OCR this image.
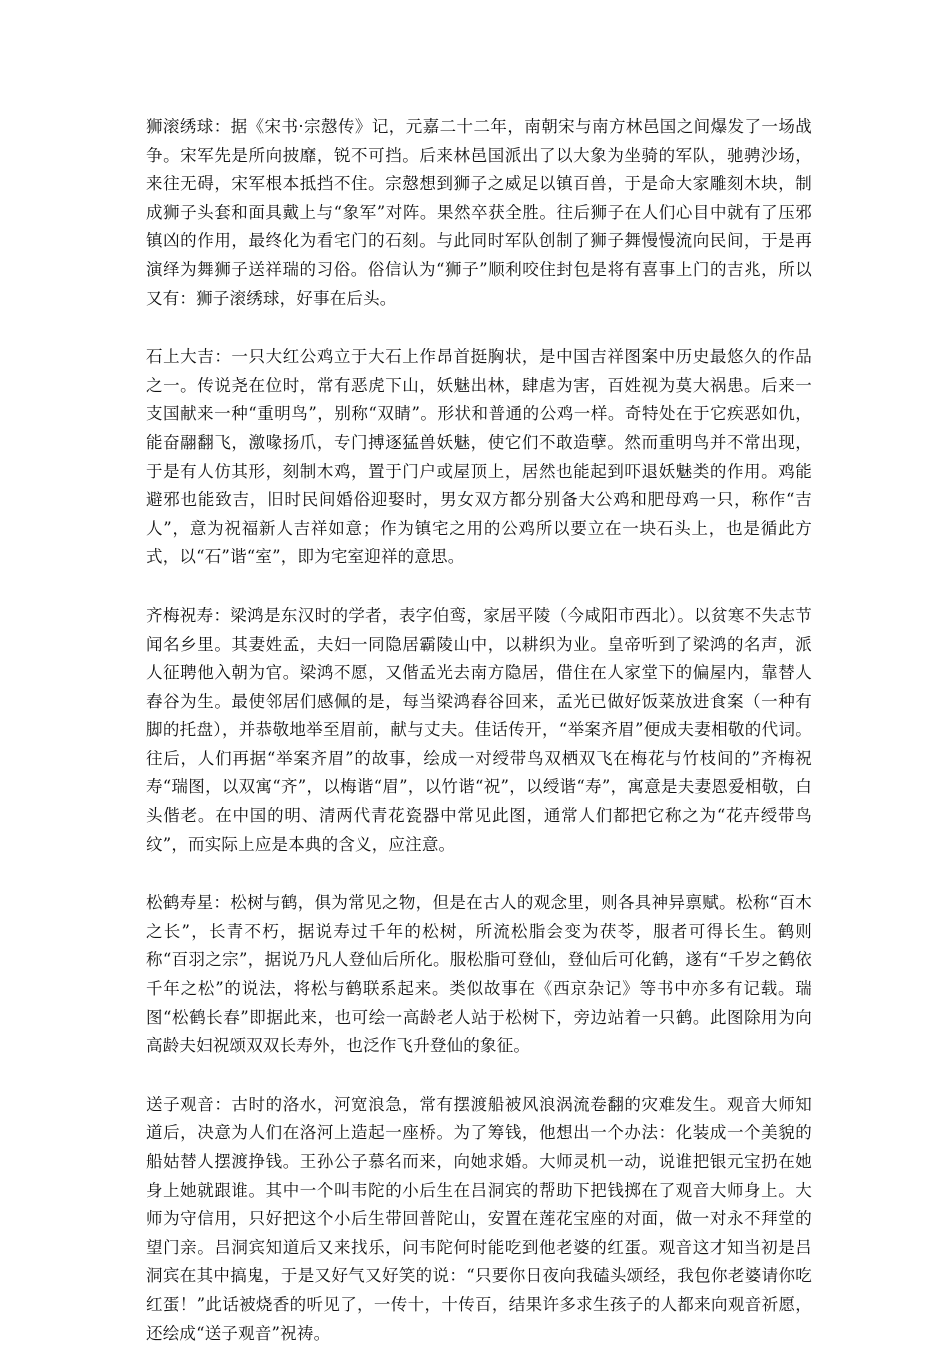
狮滚绣球：据《宋书·宗慤传》记，元嘉二十二年，南朝宋与南方林邑国之间爆发了一场战争。宋军先是所向披靡，锐不可挡。后来林邑国派出了以大象为坐骑的军队，驰骋沙场，来往无碍，宋军根本抵挡不住。宗慤想到狮子之威足以镇百兽，于是命大家雕刻木块，制成狮子头套和面具戴上与“象军”对阵。果然卒获全胜。往后狮子在人们心目中就有了压邪镇凶的作用，最终化为看宅门的石刻。与此同时军队创制了狮子舞慢慢流向民间，于是再演绎为舞狮子送祥瑞的习俗。俗信认为“狮子”顺利咬住封包是将有喜事上门的吉兆，所以又有：狮子滚绣球，好事在后头。

石上大吉：一只大红公鸡立于大石上作昂首挺胸状，是中国吉祥图案中历史最悠久的作品之一。传说尧在位时，常有恶虎下山，妖魅出林，肆虐为害，百姓视为莫大祸患。后来一支国献来一种“重明鸟”，别称“双睛”。形状和普通的公鸡一样。奇特处在于它疾恶如仇，能奋翮翻飞，激喙扬爪，专门搏逐猛兽妖魅，使它们不敢造孽。然而重明鸟并不常出现，于是有人仿其形，刻制木鸡，置于门户或屋顶上，居然也能起到吓退妖魅类的作用。鸡能避邪也能致吉，旧时民间婚俗迎娶时，男女双方都分别备大公鸡和肥母鸡一只，称作“吉人”，意为祝福新人吉祥如意；作为镇宅之用的公鸡所以要立在一块石头上，也是循此方式，以“石”谐“室”，即为宅室迎祥的意思。

齐梅祝寿：梁鸿是东汉时的学者，表字伯鸾，家居平陵（今咸阳市西北）。以贫寒不失志节闻名乡里。其妻姓孟，夫妇一同隐居霸陵山中，以耕织为业。皇帝听到了梁鸿的名声，派人征聘他入朝为官。梁鸿不愿，又偕孟光去南方隐居，借住在人家堂下的偏屋内，靠替人舂谷为生。最使邻居们感佩的是，每当梁鸿舂谷回来，孟光已做好饭菜放进食案（一种有脚的托盘），并恭敬地举至眉前，献与丈夫。佳话传开，“举案齐眉”便成夫妻相敬的代词。往后，人们再据“举案齐眉”的故事，绘成一对绶带鸟双栖双飞在梅花与竹枝间的”齐梅祝寿“瑞图，以双寓“齐”，以梅谐“眉”，以竹谐“祝”，以绶谐“寿”，寓意是夫妻恩爱相敬，白头偕老。在中国的明、清两代青花瓷器中常见此图，通常人们都把它称之为“花卉绶带鸟纹”，而实际上应是本典的含义，应注意。

松鹤寿星：松树与鹤，俱为常见之物，但是在古人的观念里，则各具神异禀赋。松称“百木之长”，长青不朽，据说寿过千年的松树，所流松脂会变为茯苓，服者可得长生。鹤则称“百羽之宗”，据说乃凡人登仙后所化。服松脂可登仙，登仙后可化鹤，遂有“千岁之鹤依千年之松”的说法，将松与鹤联系起来。类似故事在《西京杂记》等书中亦多有记载。瑞图“松鹤长春”即据此来，也可绘一高龄老人站于松树下，旁边站着一只鹤。此图除用为向高龄夫妇祝颂双双长寿外，也泛作飞升登仙的象征。

送子观音：古时的洛水，河宽浪急，常有摆渡船被风浪涡流卷翻的灾难发生。观音大师知道后，决意为人们在洛河上造起一座桥。为了筹钱，他想出一个办法：化装成一个美貌的船姑替人摆渡挣钱。王孙公子慕名而来，向她求婚。大师灵机一动，说谁把银元宝扔在她身上她就跟谁。其中一个叫韦陀的小后生在吕洞宾的帮助下把钱掷在了观音大师身上。大师为守信用，只好把这个小后生带回普陀山，安置在莲花宝座的对面，做一对永不拜堂的望门亲。吕洞宾知道后又来找乐，问韦陀何时能吃到他老婆的红蛋。观音这才知当初是吕洞宾在其中搞鬼，于是又好气又好笑的说：“只要你日夜向我磕头颂经，我包你老婆请你吃红蛋！”此话被烧香的听见了，一传十，十传百，结果许多求生孩子的人都来向观音祈愿，还绘成“送子观音”祝祷。
